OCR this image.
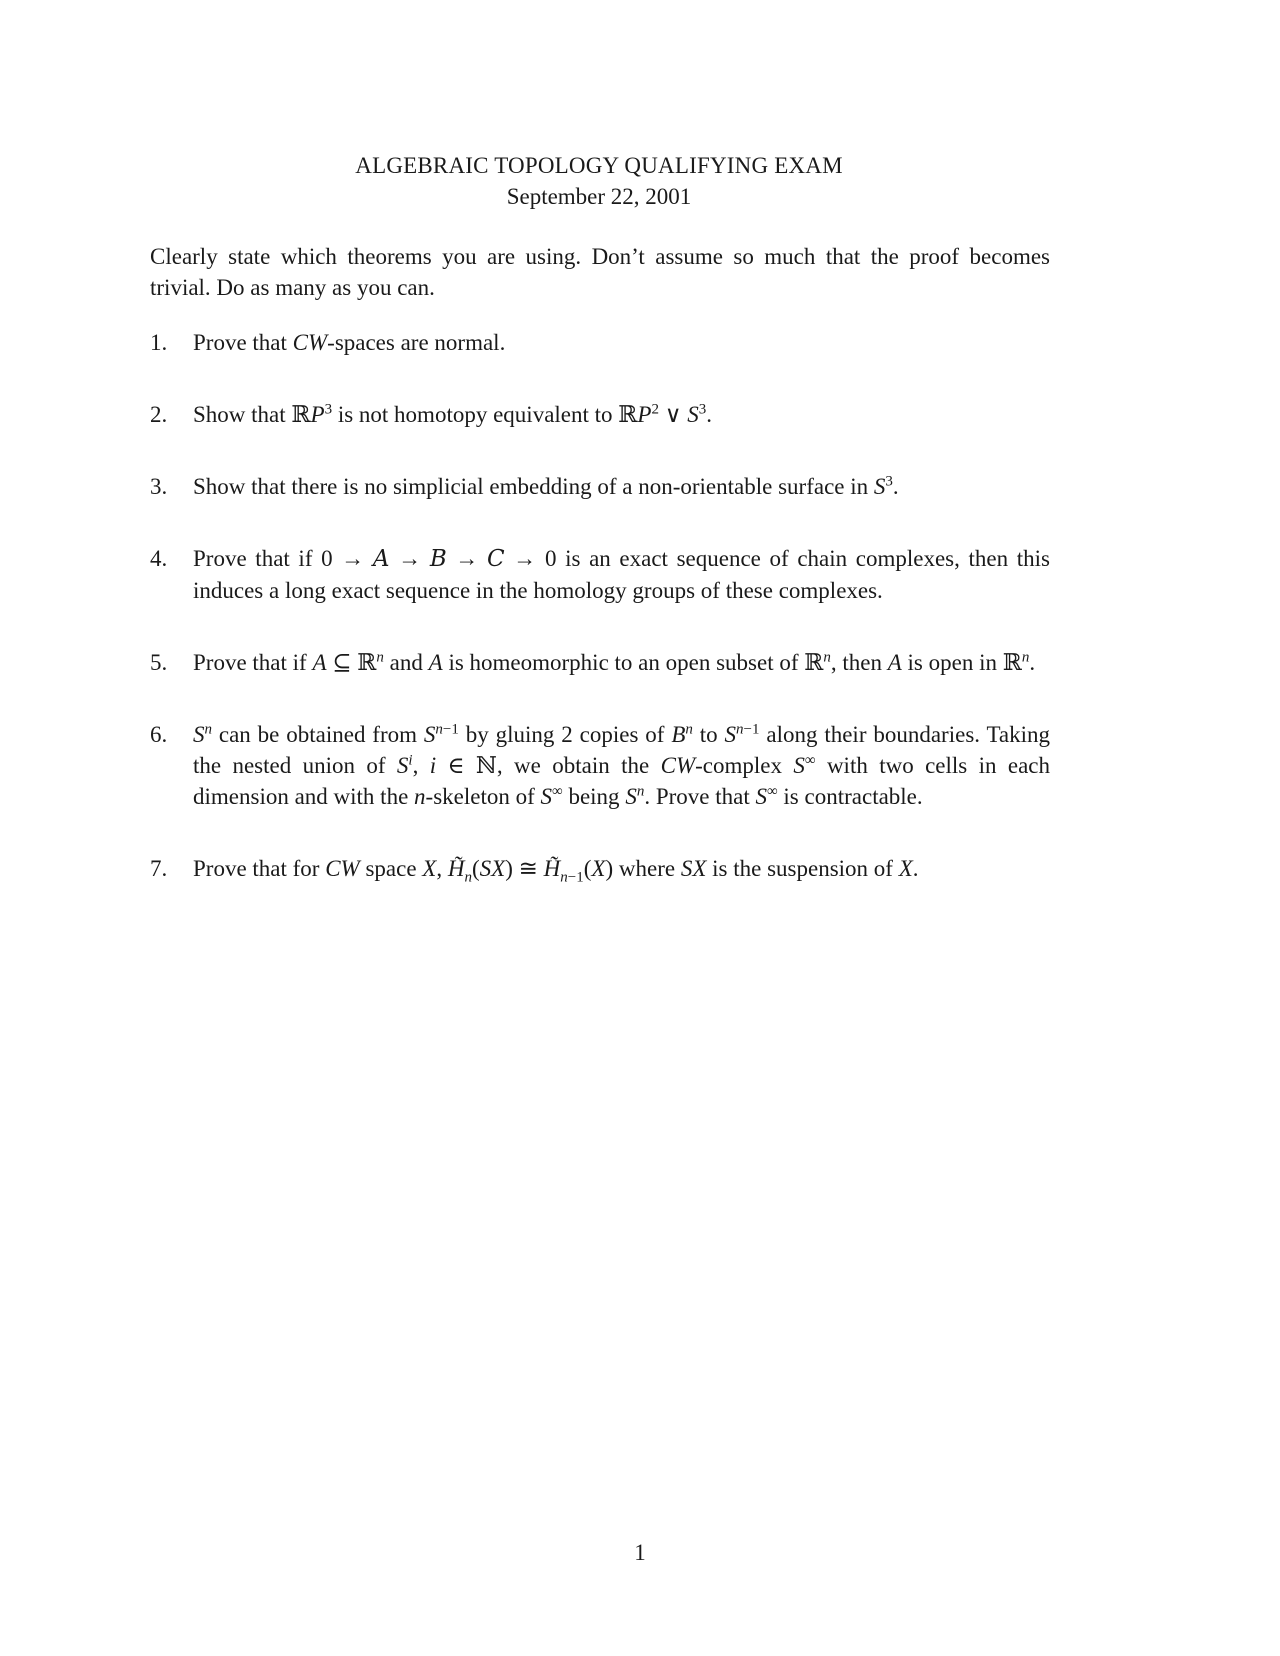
ALGEBRAIC TOPOLOGY QUALIFYING EXAM
September 22, 2001
Clearly state which theorems you are using. Don’t assume so much that the proof becomes trivial. Do as many as you can.
1. Prove that CW-spaces are normal.
2. Show that ℝP$^3$ is not homotopy equivalent to ℝP$^2$ ∨ $S^3$.
3. Show that there is no simplicial embedding of a non-orientable surface in $S^3$.
4. Prove that if 0 → A → B → C → 0 is an exact sequence of chain complexes, then this induces a long exact sequence in the homology groups of these complexes.
5. Prove that if A ⊆ ℝ$^n$ and A is homeomorphic to an open subset of ℝ$^n$, then A is open in ℝ$^n$.
6. $S^n$ can be obtained from $S^{n-1}$ by gluing 2 copies of $B^n$ to $S^{n-1}$ along their boundaries. Taking the nested union of $S^i$, i ∈ ℕ, we obtain the CW-complex S∞ with two cells in each dimension and with the n-skeleton of S∞ being $S^n$. Prove that S∞ is contractable.
7. Prove that for CW space X, $H̃_n(SX)$ ≅ $H̃_{n-1}(X)$ where SX is the suspension of X.
1
